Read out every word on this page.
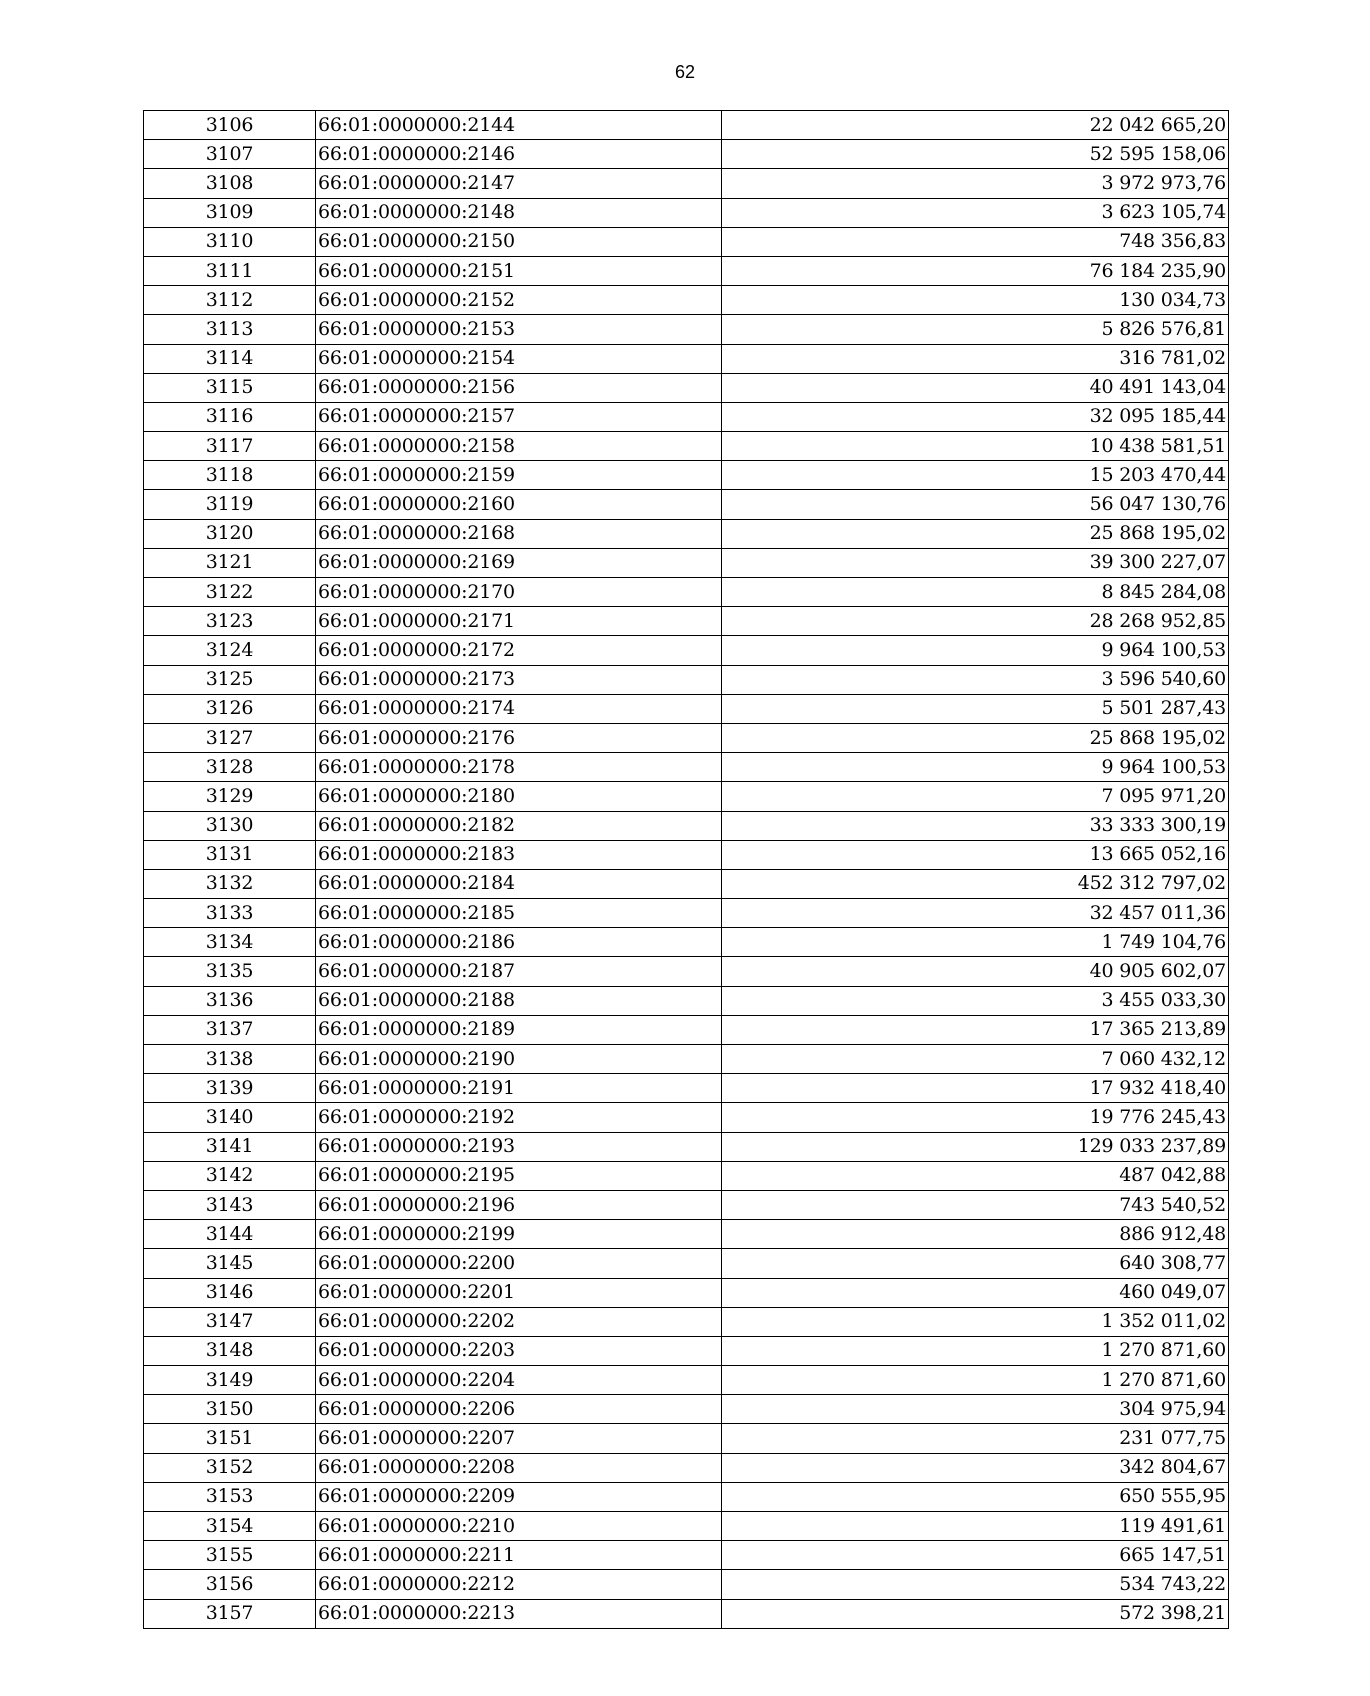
62
3106	66:01:0000000:2144	22 042 665,20
3107	66:01:0000000:2146	52 595 158,06
3108	66:01:0000000:2147	3 972 973,76
3109	66:01:0000000:2148	3 623 105,74
3110	66:01:0000000:2150	748 356,83
3111	66:01:0000000:2151	76 184 235,90
3112	66:01:0000000:2152	130 034,73
3113	66:01:0000000:2153	5 826 576,81
3114	66:01:0000000:2154	316 781,02
3115	66:01:0000000:2156	40 491 143,04
3116	66:01:0000000:2157	32 095 185,44
3117	66:01:0000000:2158	10 438 581,51
3118	66:01:0000000:2159	15 203 470,44
3119	66:01:0000000:2160	56 047 130,76
3120	66:01:0000000:2168	25 868 195,02
3121	66:01:0000000:2169	39 300 227,07
3122	66:01:0000000:2170	8 845 284,08
3123	66:01:0000000:2171	28 268 952,85
3124	66:01:0000000:2172	9 964 100,53
3125	66:01:0000000:2173	3 596 540,60
3126	66:01:0000000:2174	5 501 287,43
3127	66:01:0000000:2176	25 868 195,02
3128	66:01:0000000:2178	9 964 100,53
3129	66:01:0000000:2180	7 095 971,20
3130	66:01:0000000:2182	33 333 300,19
3131	66:01:0000000:2183	13 665 052,16
3132	66:01:0000000:2184	452 312 797,02
3133	66:01:0000000:2185	32 457 011,36
3134	66:01:0000000:2186	1 749 104,76
3135	66:01:0000000:2187	40 905 602,07
3136	66:01:0000000:2188	3 455 033,30
3137	66:01:0000000:2189	17 365 213,89
3138	66:01:0000000:2190	7 060 432,12
3139	66:01:0000000:2191	17 932 418,40
3140	66:01:0000000:2192	19 776 245,43
3141	66:01:0000000:2193	129 033 237,89
3142	66:01:0000000:2195	487 042,88
3143	66:01:0000000:2196	743 540,52
3144	66:01:0000000:2199	886 912,48
3145	66:01:0000000:2200	640 308,77
3146	66:01:0000000:2201	460 049,07
3147	66:01:0000000:2202	1 352 011,02
3148	66:01:0000000:2203	1 270 871,60
3149	66:01:0000000:2204	1 270 871,60
3150	66:01:0000000:2206	304 975,94
3151	66:01:0000000:2207	231 077,75
3152	66:01:0000000:2208	342 804,67
3153	66:01:0000000:2209	650 555,95
3154	66:01:0000000:2210	119 491,61
3155	66:01:0000000:2211	665 147,51
3156	66:01:0000000:2212	534 743,22
3157	66:01:0000000:2213	572 398,21
